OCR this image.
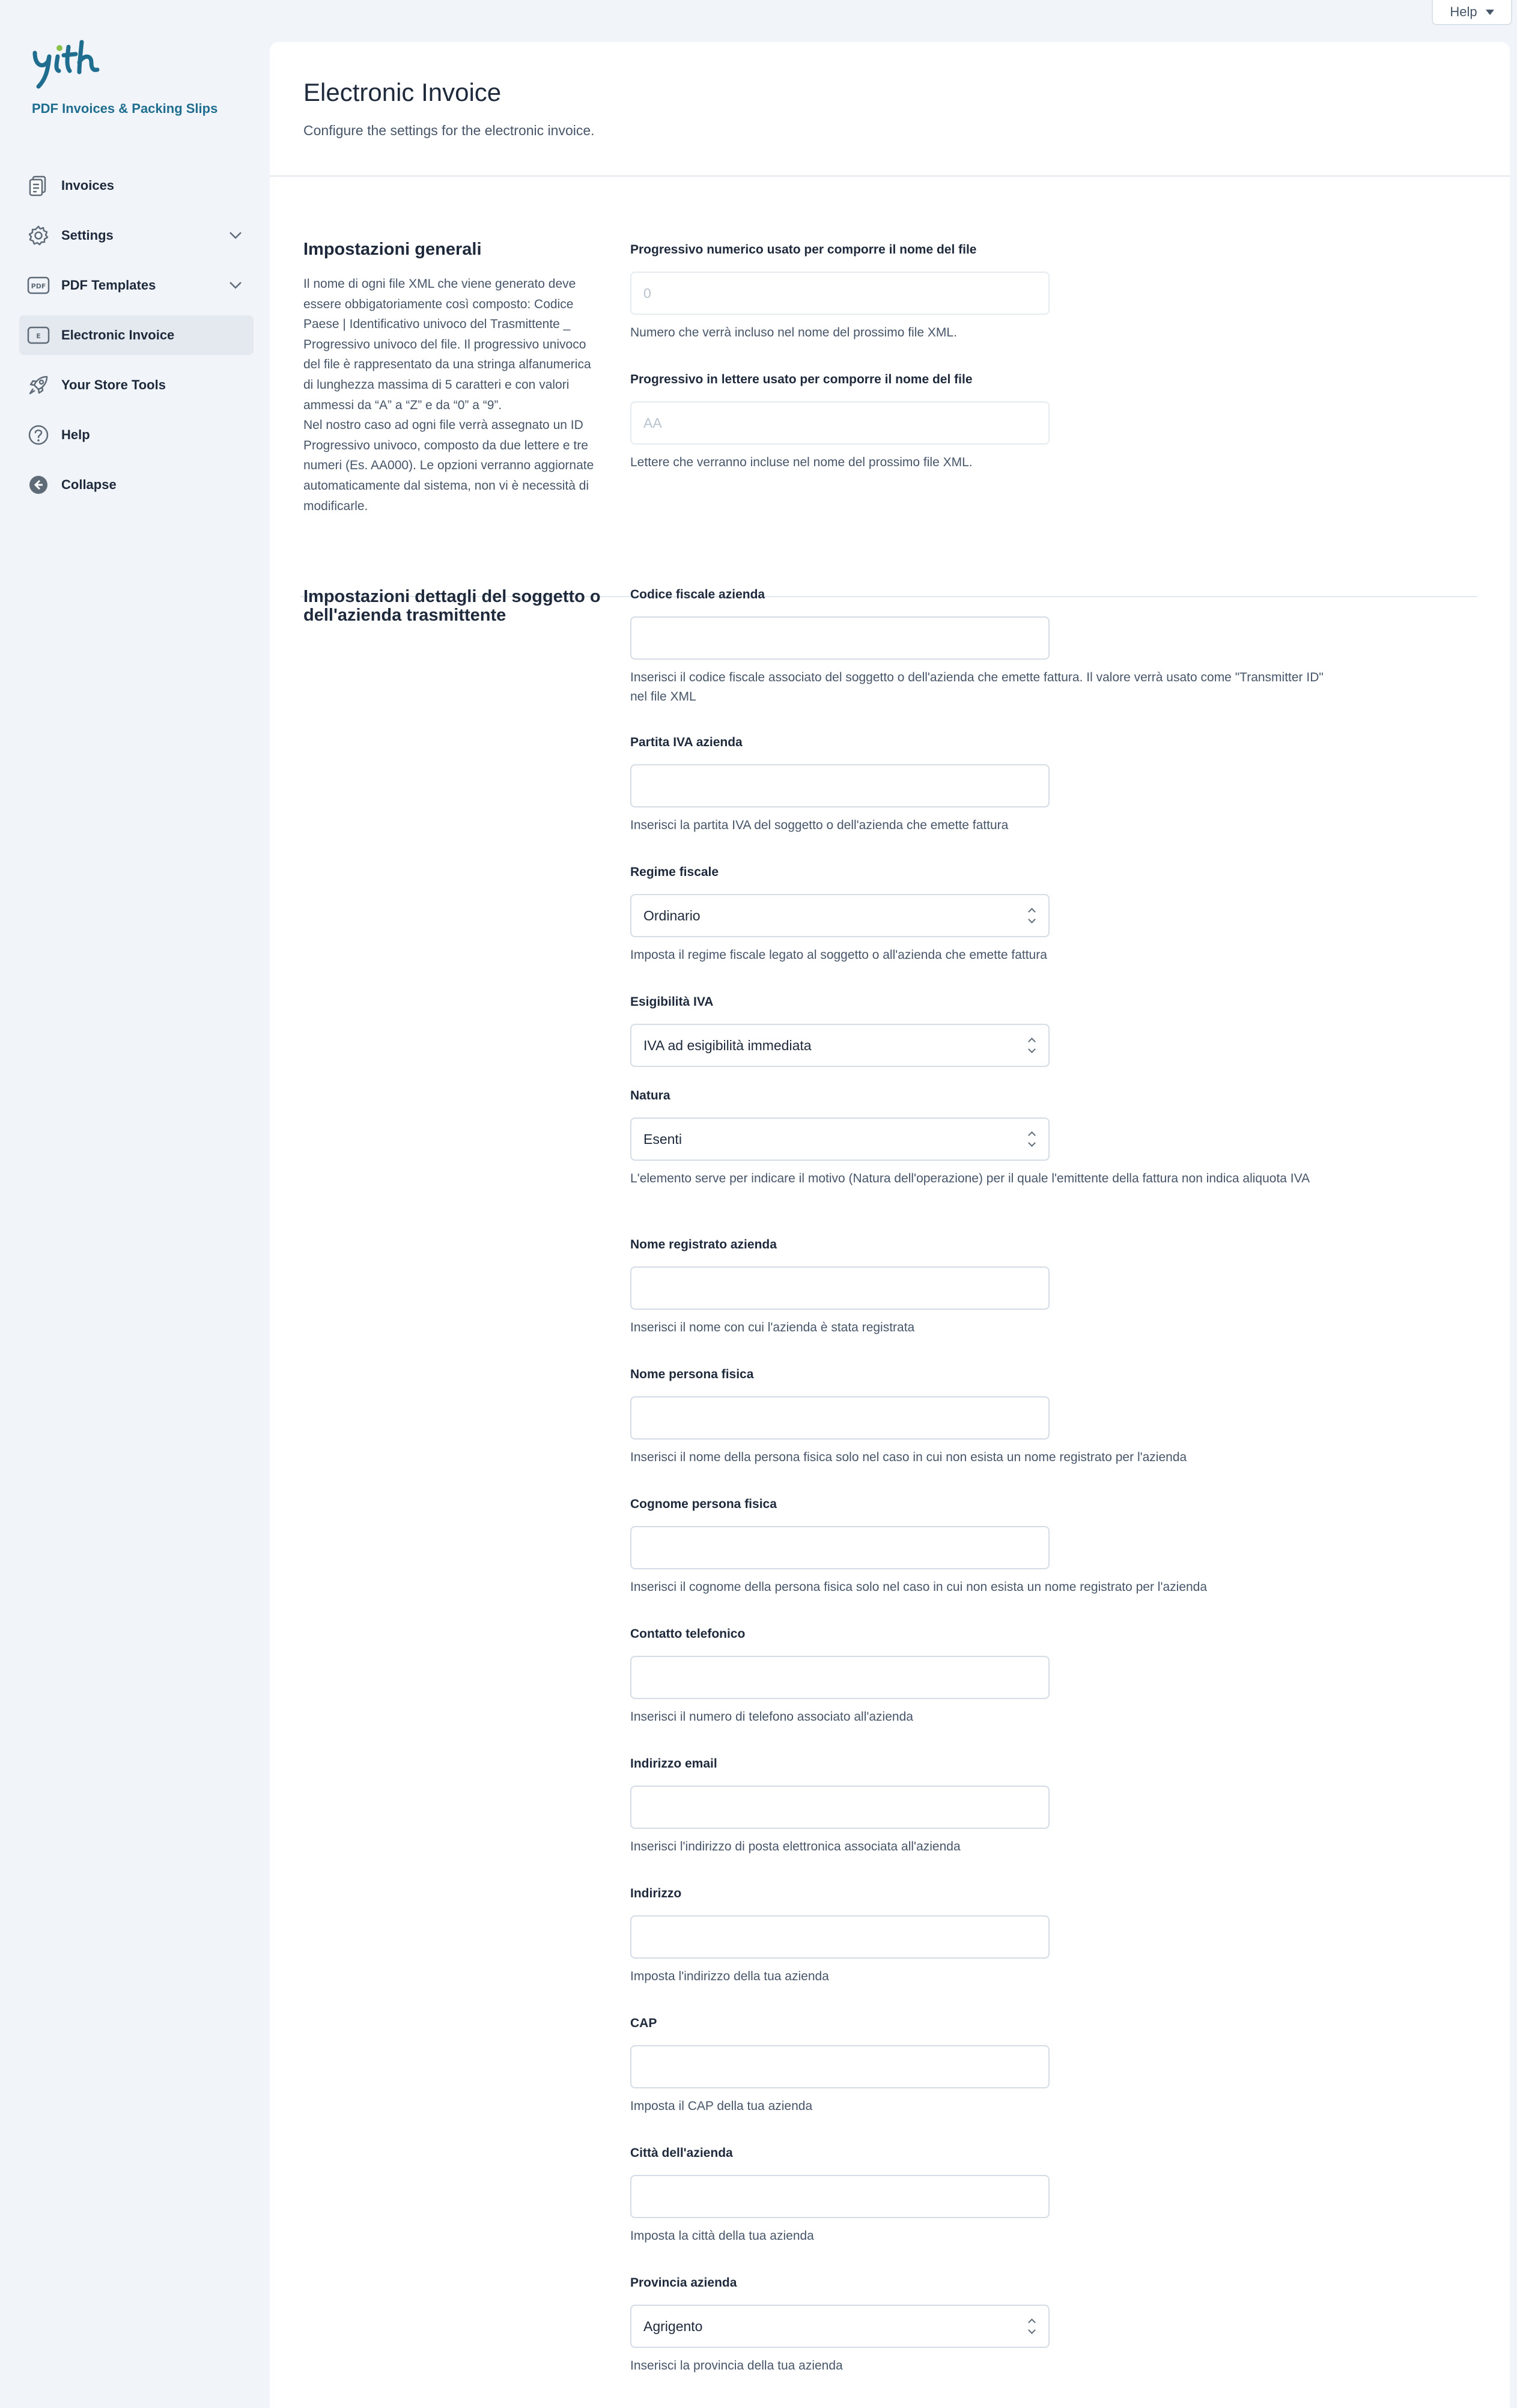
Help
PDF Invoices & Packing Slips
Invoices
Settings
PDF PDF Templates
E Electronic Invoice
Your Store Tools
Help
Collapse
Electronic Invoice

Configure the settings for the electronic invoice.

Impostazioni generali

Il nome di ogni file XML che viene generato deve essere obbigatoriamente così composto: Codice Paese | Identificativo univoco del Trasmittente _ Progressivo univoco del file. Il progressivo univoco del file è rappresentato da una stringa alfanumerica di lunghezza massima di 5 caratteri e con valori ammessi da “A” a “Z” e da “0” a “9”.
Nel nostro caso ad ogni file verrà assegnato un ID Progressivo univoco, composto da due lettere e tre numeri (Es. AA000). Le opzioni verranno aggiornate automaticamente dal sistema, non vi è necessità di modificarle.

Progressivo numerico usato per comporre il nome del file
0
Numero che verrà incluso nel nome del prossimo file XML.
Progressivo in lettere usato per comporre il nome del file
AA
Lettere che verranno incluse nel nome del prossimo file XML.
Impostazioni dettagli del soggetto o dell'azienda trasmittente
Codice fiscale azienda
Inserisci il codice fiscale associato del soggetto o dell'azienda che emette fattura. Il valore verrà usato come "Transmitter ID" nel file XML
Partita IVA azienda
Inserisci la partita IVA del soggetto o dell'azienda che emette fattura
Regime fiscale
Ordinario
Imposta il regime fiscale legato al soggetto o all'azienda che emette fattura
Esigibilità IVA
IVA ad esigibilità immediata
Natura
Esenti
L'elemento serve per indicare il motivo (Natura dell'operazione) per il quale l'emittente della fattura non indica aliquota IVA
Nome registrato azienda
Inserisci il nome con cui l'azienda è stata registrata
Nome persona fisica
Inserisci il nome della persona fisica solo nel caso in cui non esista un nome registrato per l'azienda
Cognome persona fisica
Inserisci il cognome della persona fisica solo nel caso in cui non esista un nome registrato per l'azienda
Contatto telefonico
Inserisci il numero di telefono associato all'azienda
Indirizzo email
Inserisci l'indirizzo di posta elettronica associata all'azienda
Indirizzo
Imposta l'indirizzo della tua azienda
CAP
Imposta il CAP della tua azienda
Città dell'azienda
Imposta la città della tua azienda
Provincia azienda
Agrigento
Inserisci la provincia della tua azienda
